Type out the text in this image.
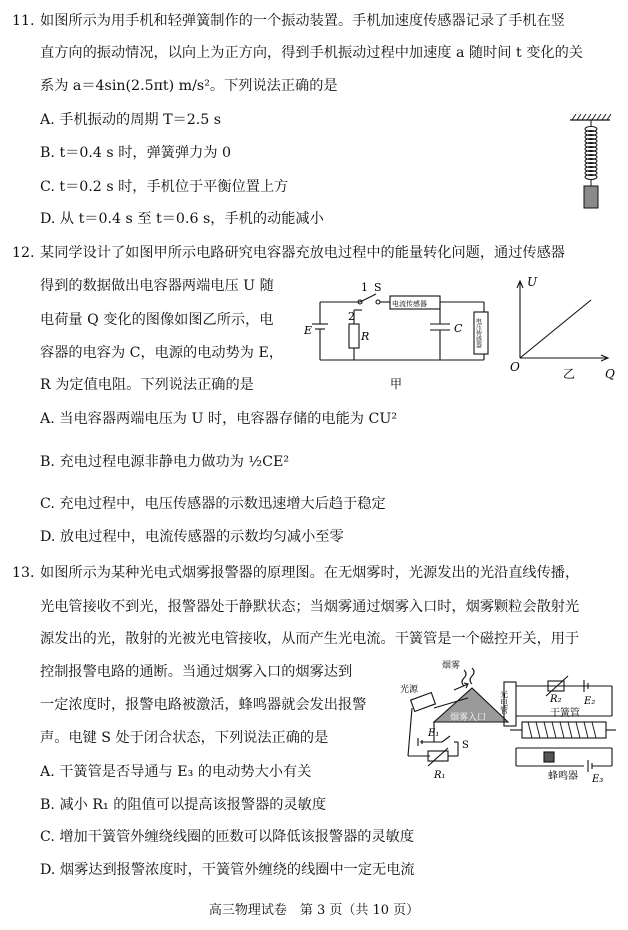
11. 如图所示为用手机和轻弹簧制作的一个振动装置。手机加速度传感器记录了手机在竖
直方向的振动情况，以向上为正方向，得到手机振动过程中加速度 a 随时间 t 变化的关
系为 a＝4sin(2.5πt) m/s²。下列说法正确的是
A. 手机振动的周期 T＝2.5 s
B. t＝0.4 s 时，弹簧弹力为 0
C. t＝0.2 s 时，手机位于平衡位置上方
D. 从 t＝0.4 s 至 t＝0.6 s，手机的动能减小
12. 某同学设计了如图甲所示电路研究电容器充放电过程中的能量转化问题，通过传感器
得到的数据做出电容器两端电压 U 随
电荷量 Q 变化的图像如图乙所示，电
容器的电容为 C，电源的电动势为 E，
R 为定值电阻。下列说法正确的是
A. 当电容器两端电压为 U 时，电容器存储的电能为 CU²
B. 充电过程电源非静电力做功为 ½CE²
C. 充电过程中，电压传感器的示数迅速增大后趋于稳定
D. 放电过程中，电流传感器的示数均匀减小至零
1 S
2
E	R
C
电流传感器
电压传感器
甲
U
Q
O	乙
13. 如图所示为某种光电式烟雾报警器的原理图。在无烟雾时，光源发出的光沿直线传播，
光电管接收不到光，报警器处于静默状态；当烟雾通过烟雾入口时，烟雾颗粒会散射光
源发出的光，散射的光被光电管接收，从而产生光电流。干簧管是一个磁控开关，用于
控制报警电路的通断。当通过烟雾入口的烟雾达到
一定浓度时，报警电路被激活，蜂鸣器就会发出报警
声。电键 S 处于闭合状态，下列说法正确的是
A. 干簧管是否导通与 E₃ 的电动势大小有关
B. 减小 R₁ 的阻值可以提高该报警器的灵敏度
C. 增加干簧管外缠绕线圈的匝数可以降低该报警器的灵敏度
D. 烟雾达到报警浓度时，干簧管外缠绕的线圈中一定无电流
烟雾
光源
烟雾入口
光电管	干簧管
蜂鸣器
E₁
E₂
E₃
R₁
R₂
S
高三物理试卷　第 3 页（共 10 页）
